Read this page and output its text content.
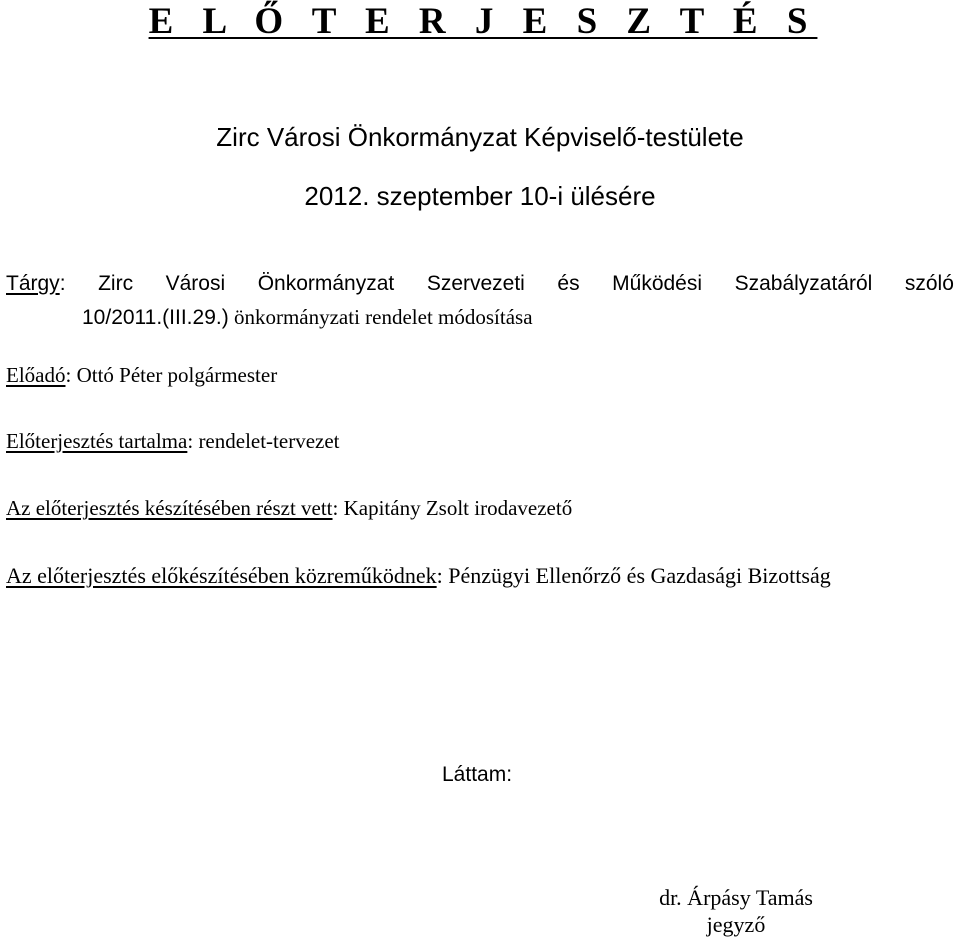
E L Ő T E R J E S Z T É S
Zirc Városi Önkormányzat Képviselő-testülete
2012. szeptember 10-i ülésére
Tárgy: Zirc Városi Önkormányzat Szervezeti és Működési Szabályzatáról szóló
10/2011.(III.29.) önkormányzati rendelet módosítása
Előadó: Ottó Péter polgármester
Előterjesztés tartalma: rendelet-tervezet
Az előterjesztés készítésében részt vett: Kapitány Zsolt irodavezető
Az előterjesztés előkészítésében közreműködnek: Pénzügyi Ellenőrző és Gazdasági Bizottság
Láttam:
dr. Árpásy Tamás
jegyző
